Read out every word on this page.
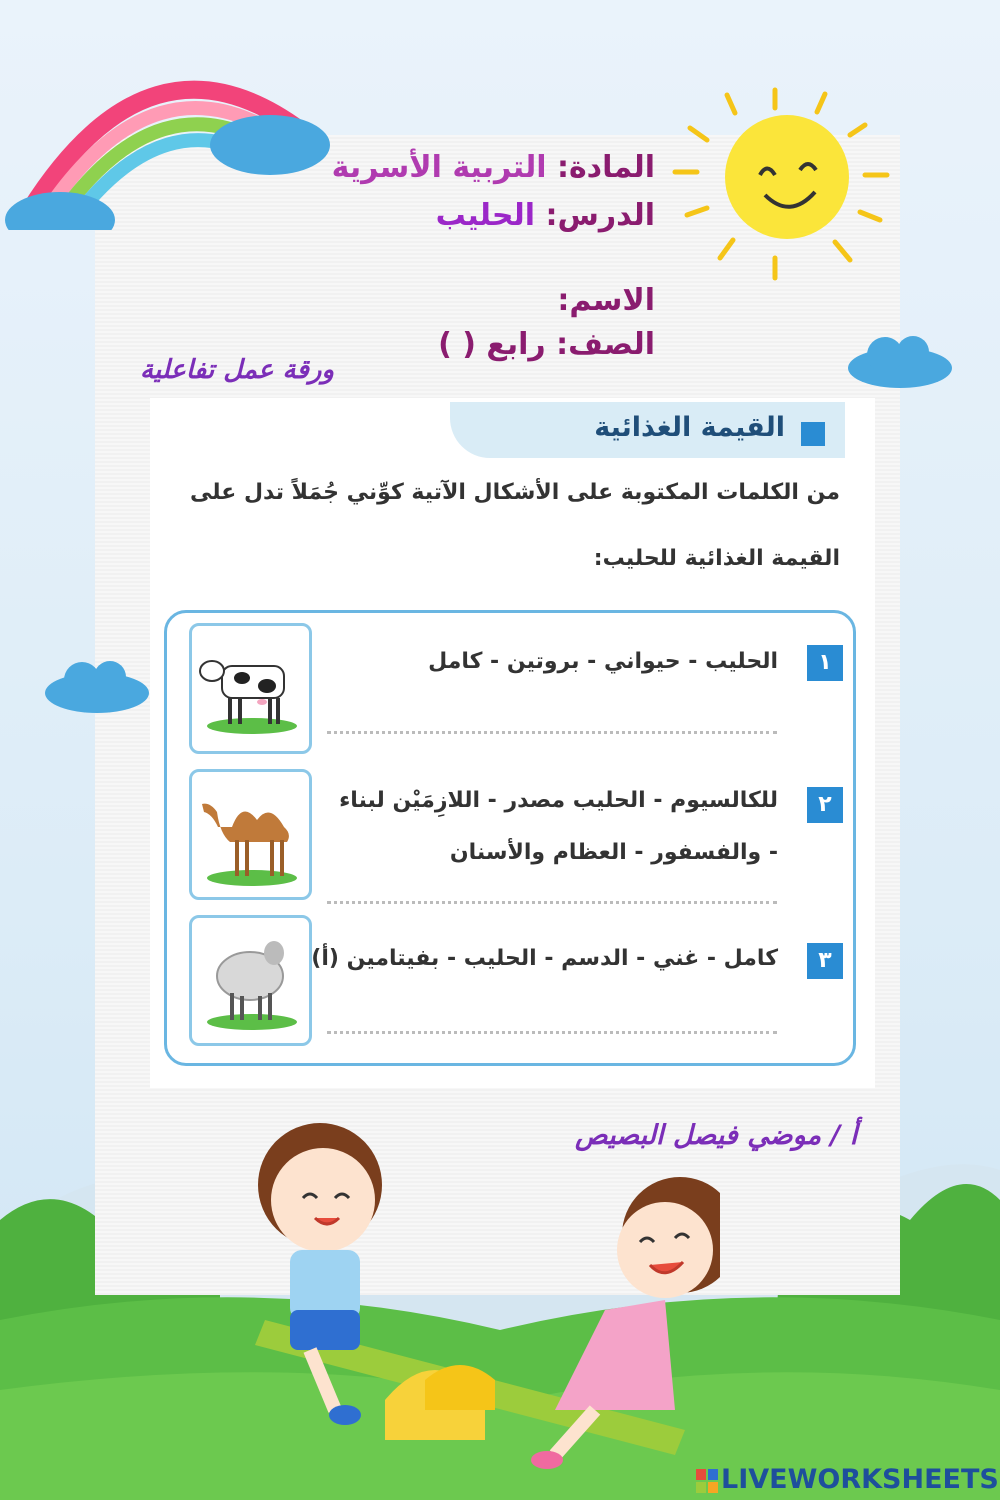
المادة: التربية الأسرية
الدرس: الحليب
الاسم:
الصف: رابع ( )
ورقة عمل تفاعلية
القيمة الغذائية
من الكلمات المكتوبة على الأشكال الآتية كوِّني جُمَلاً تدل على
القيمة الغذائية للحليب:
١
الحليب - حيواني - بروتين - كامل
٢
للكالسيوم - الحليب مصدر - اللازِمَيْن لبناء
- والفسفور - العظام والأسنان
٣
كامل - غني - الدسم - الحليب - بفيتامين (أ)
أ / موضي فيصل البصيص
LIVEWORKSHEETS
